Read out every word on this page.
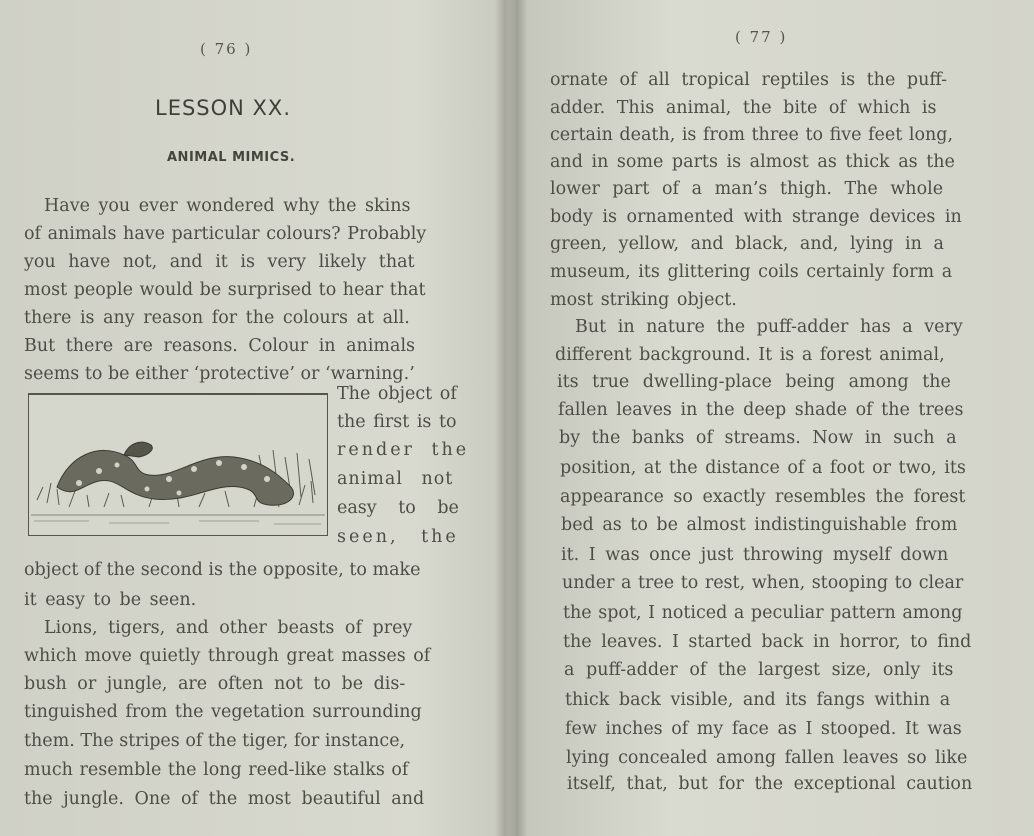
( 76 )
LESSON XX.
ANIMAL MIMICS.
Have you ever wondered why the skins
of animals have particular colours? Probably
you have not, and it is very likely that
most people would be surprised to hear that
there is any reason for the colours at all.
But there are reasons. Colour in animals
seems to be either ‘protective’ or ‘warning.’
The object of
the first is to
render the
animal not
easy to be
seen, the
object of the second is the opposite, to make
it easy to be seen.
Lions, tigers, and other beasts of prey
which move quietly through great masses of
bush or jungle, are often not to be dis-
tinguished from the vegetation surrounding
them. The stripes of the tiger, for instance,
much resemble the long reed-like stalks of
the jungle. One of the most beautiful and
( 77 )
ornate of all tropical reptiles is the puff-
adder. This animal, the bite of which is
certain death, is from three to five feet long,
and in some parts is almost as thick as the
lower part of a man’s thigh. The whole
body is ornamented with strange devices in
green, yellow, and black, and, lying in a
museum, its glittering coils certainly form a
most striking object.
But in nature the puff-adder has a very
different background. It is a forest animal,
its true dwelling-place being among the
fallen leaves in the deep shade of the trees
by the banks of streams. Now in such a
position, at the distance of a foot or two, its
appearance so exactly resembles the forest
bed as to be almost indistinguishable from
it. I was once just throwing myself down
under a tree to rest, when, stooping to clear
the spot, I noticed a peculiar pattern among
the leaves. I started back in horror, to find
a puff-adder of the largest size, only its
thick back visible, and its fangs within a
few inches of my face as I stooped. It was
lying concealed among fallen leaves so like
itself, that, but for the exceptional caution
